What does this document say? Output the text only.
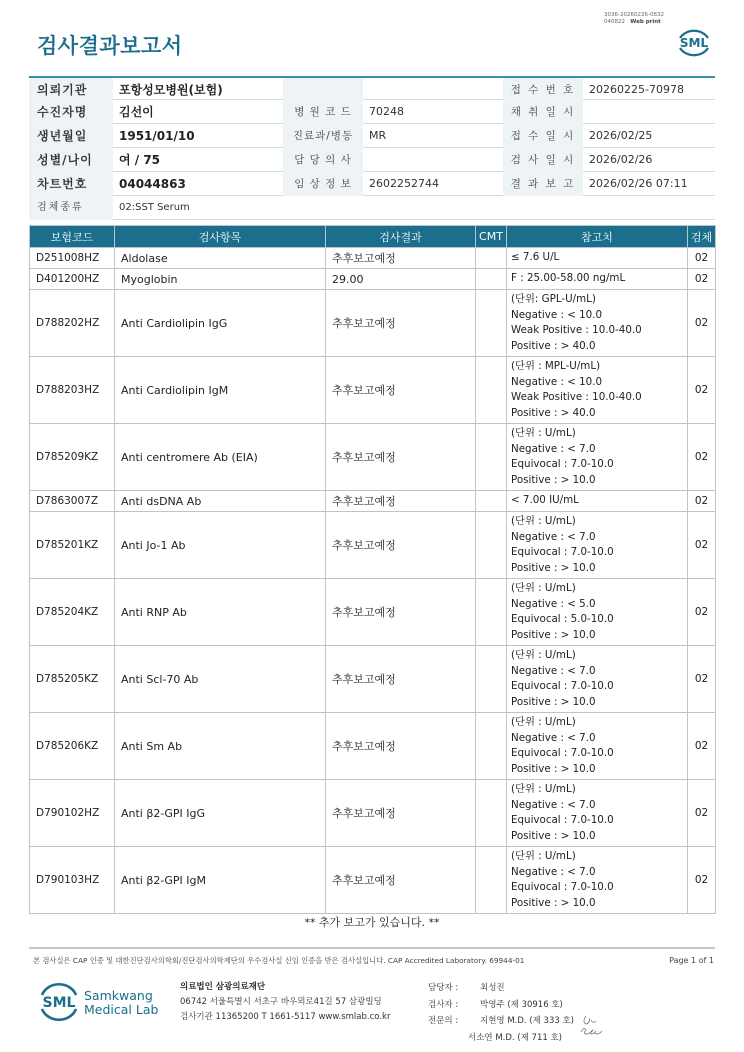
3036-20260226-0832
040822 Web print
검사결과보고서	SML
의뢰기관	포항성모병원(보험)	접 수 번 호	20260225-70978
수진자명	김선이	병 원 코 드	70248	채 취 일 시
생년월일	1951/01/10	진료과/병동	MR	접 수 일 시	2026/02/25
성별/나이	여 / 75	담 당 의 사	검 사 일 시	2026/02/26
차트번호	04044863	임 상 정 보	2602252744	결 과 보 고	2026/02/26 07:11
검체종류	02:SST Serum
보험코드	검사항목	검사결과	CMT	참고치	검체
D251008HZ	Aldolase	추후보고예정		≤ 7.6 U/L	02
D401200HZ	Myoglobin	29.00		F : 25.00-58.00 ng/mL	02
D788202HZ	Anti Cardiolipin IgG	추후보고예정		(단위: GPL-U/mL)
Negative : < 10.0
Weak Positive : 10.0-40.0
Positive : > 40.0	02
D788203HZ	Anti Cardiolipin IgM	추후보고예정		(단위 : MPL-U/mL)
Negative : < 10.0
Weak Positive : 10.0-40.0
Positive : > 40.0	02
D785209KZ	Anti centromere Ab (EIA)	추후보고예정		(단위 : U/mL)
Negative : < 7.0
Equivocal : 7.0-10.0
Positive : > 10.0	02
D7863007Z	Anti dsDNA Ab	추후보고예정		< 7.00 IU/mL	02
D785201KZ	Anti Jo-1 Ab	추후보고예정		(단위 : U/mL)
Negative : < 7.0
Equivocal : 7.0-10.0
Positive : > 10.0	02
D785204KZ	Anti RNP Ab	추후보고예정		(단위 : U/mL)
Negative : < 5.0
Equivocal : 5.0-10.0
Positive : > 10.0	02
D785205KZ	Anti Scl-70 Ab	추후보고예정		(단위 : U/mL)
Negative : < 7.0
Equivocal : 7.0-10.0
Positive : > 10.0	02
D785206KZ	Anti Sm Ab	추후보고예정		(단위 : U/mL)
Negative : < 7.0
Equivocal : 7.0-10.0
Positive : > 10.0	02
D790102HZ	Anti β2-GPI IgG	추후보고예정		(단위 : U/mL)
Negative : < 7.0
Equivocal : 7.0-10.0
Positive : > 10.0	02
D790103HZ	Anti β2-GPI IgM	추후보고예정		(단위 : U/mL)
Negative : < 7.0
Equivocal : 7.0-10.0
Positive : > 10.0	02
** 추가 보고가 있습니다. **
본 검사실은 CAP 인증 및 대한진단검사의학회/진단검사의학재단의 우수검사실 신임 인증을 받은 검사실입니다. CAP Accredited Laboratory. 69944-01	Page 1 of 1
SML Samkwang
Medical Lab
의료법인 삼광의료재단
06742 서울특별시 서초구 바우뫼로41길 57 삼광빌딩
검사기관 11365200 T 1661-5117 www.smlab.co.kr
담당자 :	최성진
검사자 :	박영주 (제 30916 호)
전문의 :	지현영 M.D. (제 333 호)
서소연 M.D. (제 711 호)
